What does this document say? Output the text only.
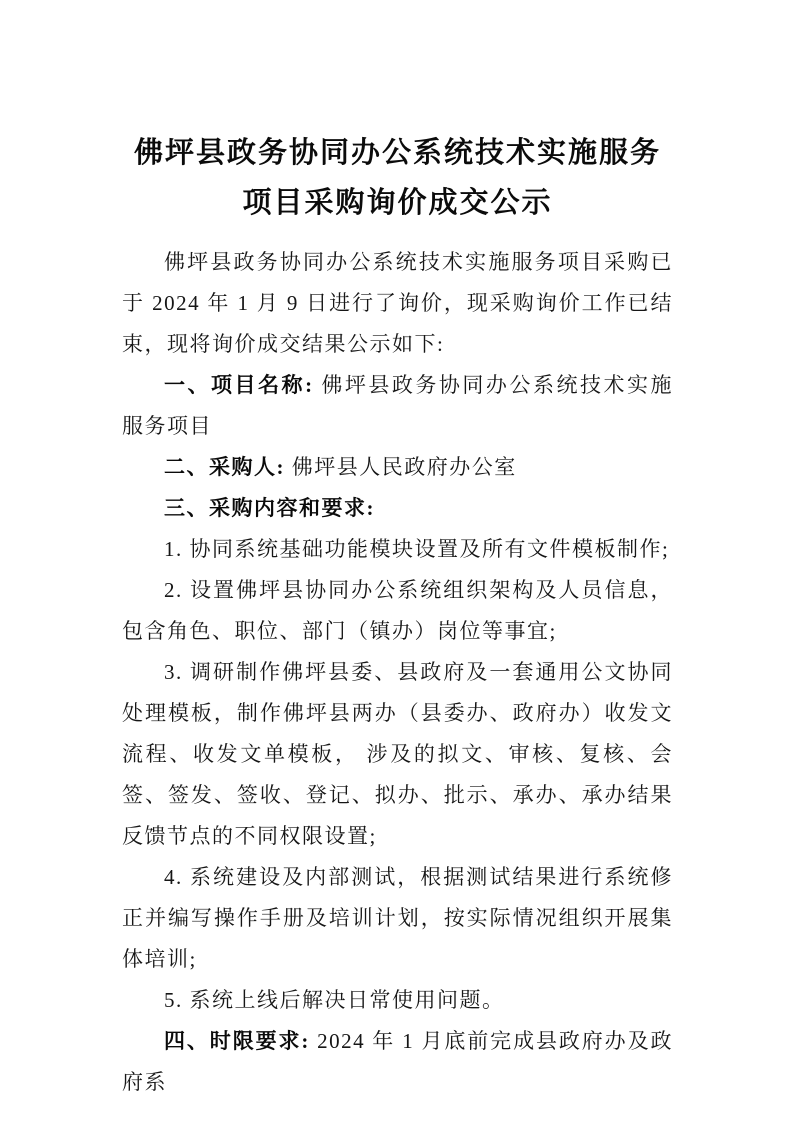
佛坪县政务协同办公系统技术实施服务
项目采购询价成交公示

佛坪县政务协同办公系统技术实施服务项目采购已于 2024 年 1 月 9 日进行了询价，现采购询价工作已结束，现将询价成交结果公示如下:

一、项目名称: 佛坪县政务协同办公系统技术实施服务项目

二、采购人: 佛坪县人民政府办公室

三、采购内容和要求:

1. 协同系统基础功能模块设置及所有文件模板制作;

2. 设置佛坪县协同办公系统组织架构及人员信息，包含角色、职位、部门（镇办）岗位等事宜;

3. 调研制作佛坪县委、县政府及一套通用公文协同处理模板，制作佛坪县两办（县委办、政府办）收发文流程、收发文单模板， 涉及的拟文、审核、复核、会签、签发、签收、登记、拟办、批示、承办、承办结果反馈节点的不同权限设置;

4. 系统建设及内部测试，根据测试结果进行系统修正并编写操作手册及培训计划，按实际情况组织开展集体培训;

5. 系统上线后解决日常使用问题。

四、时限要求: 2024 年 1 月底前完成县政府办及政府系
